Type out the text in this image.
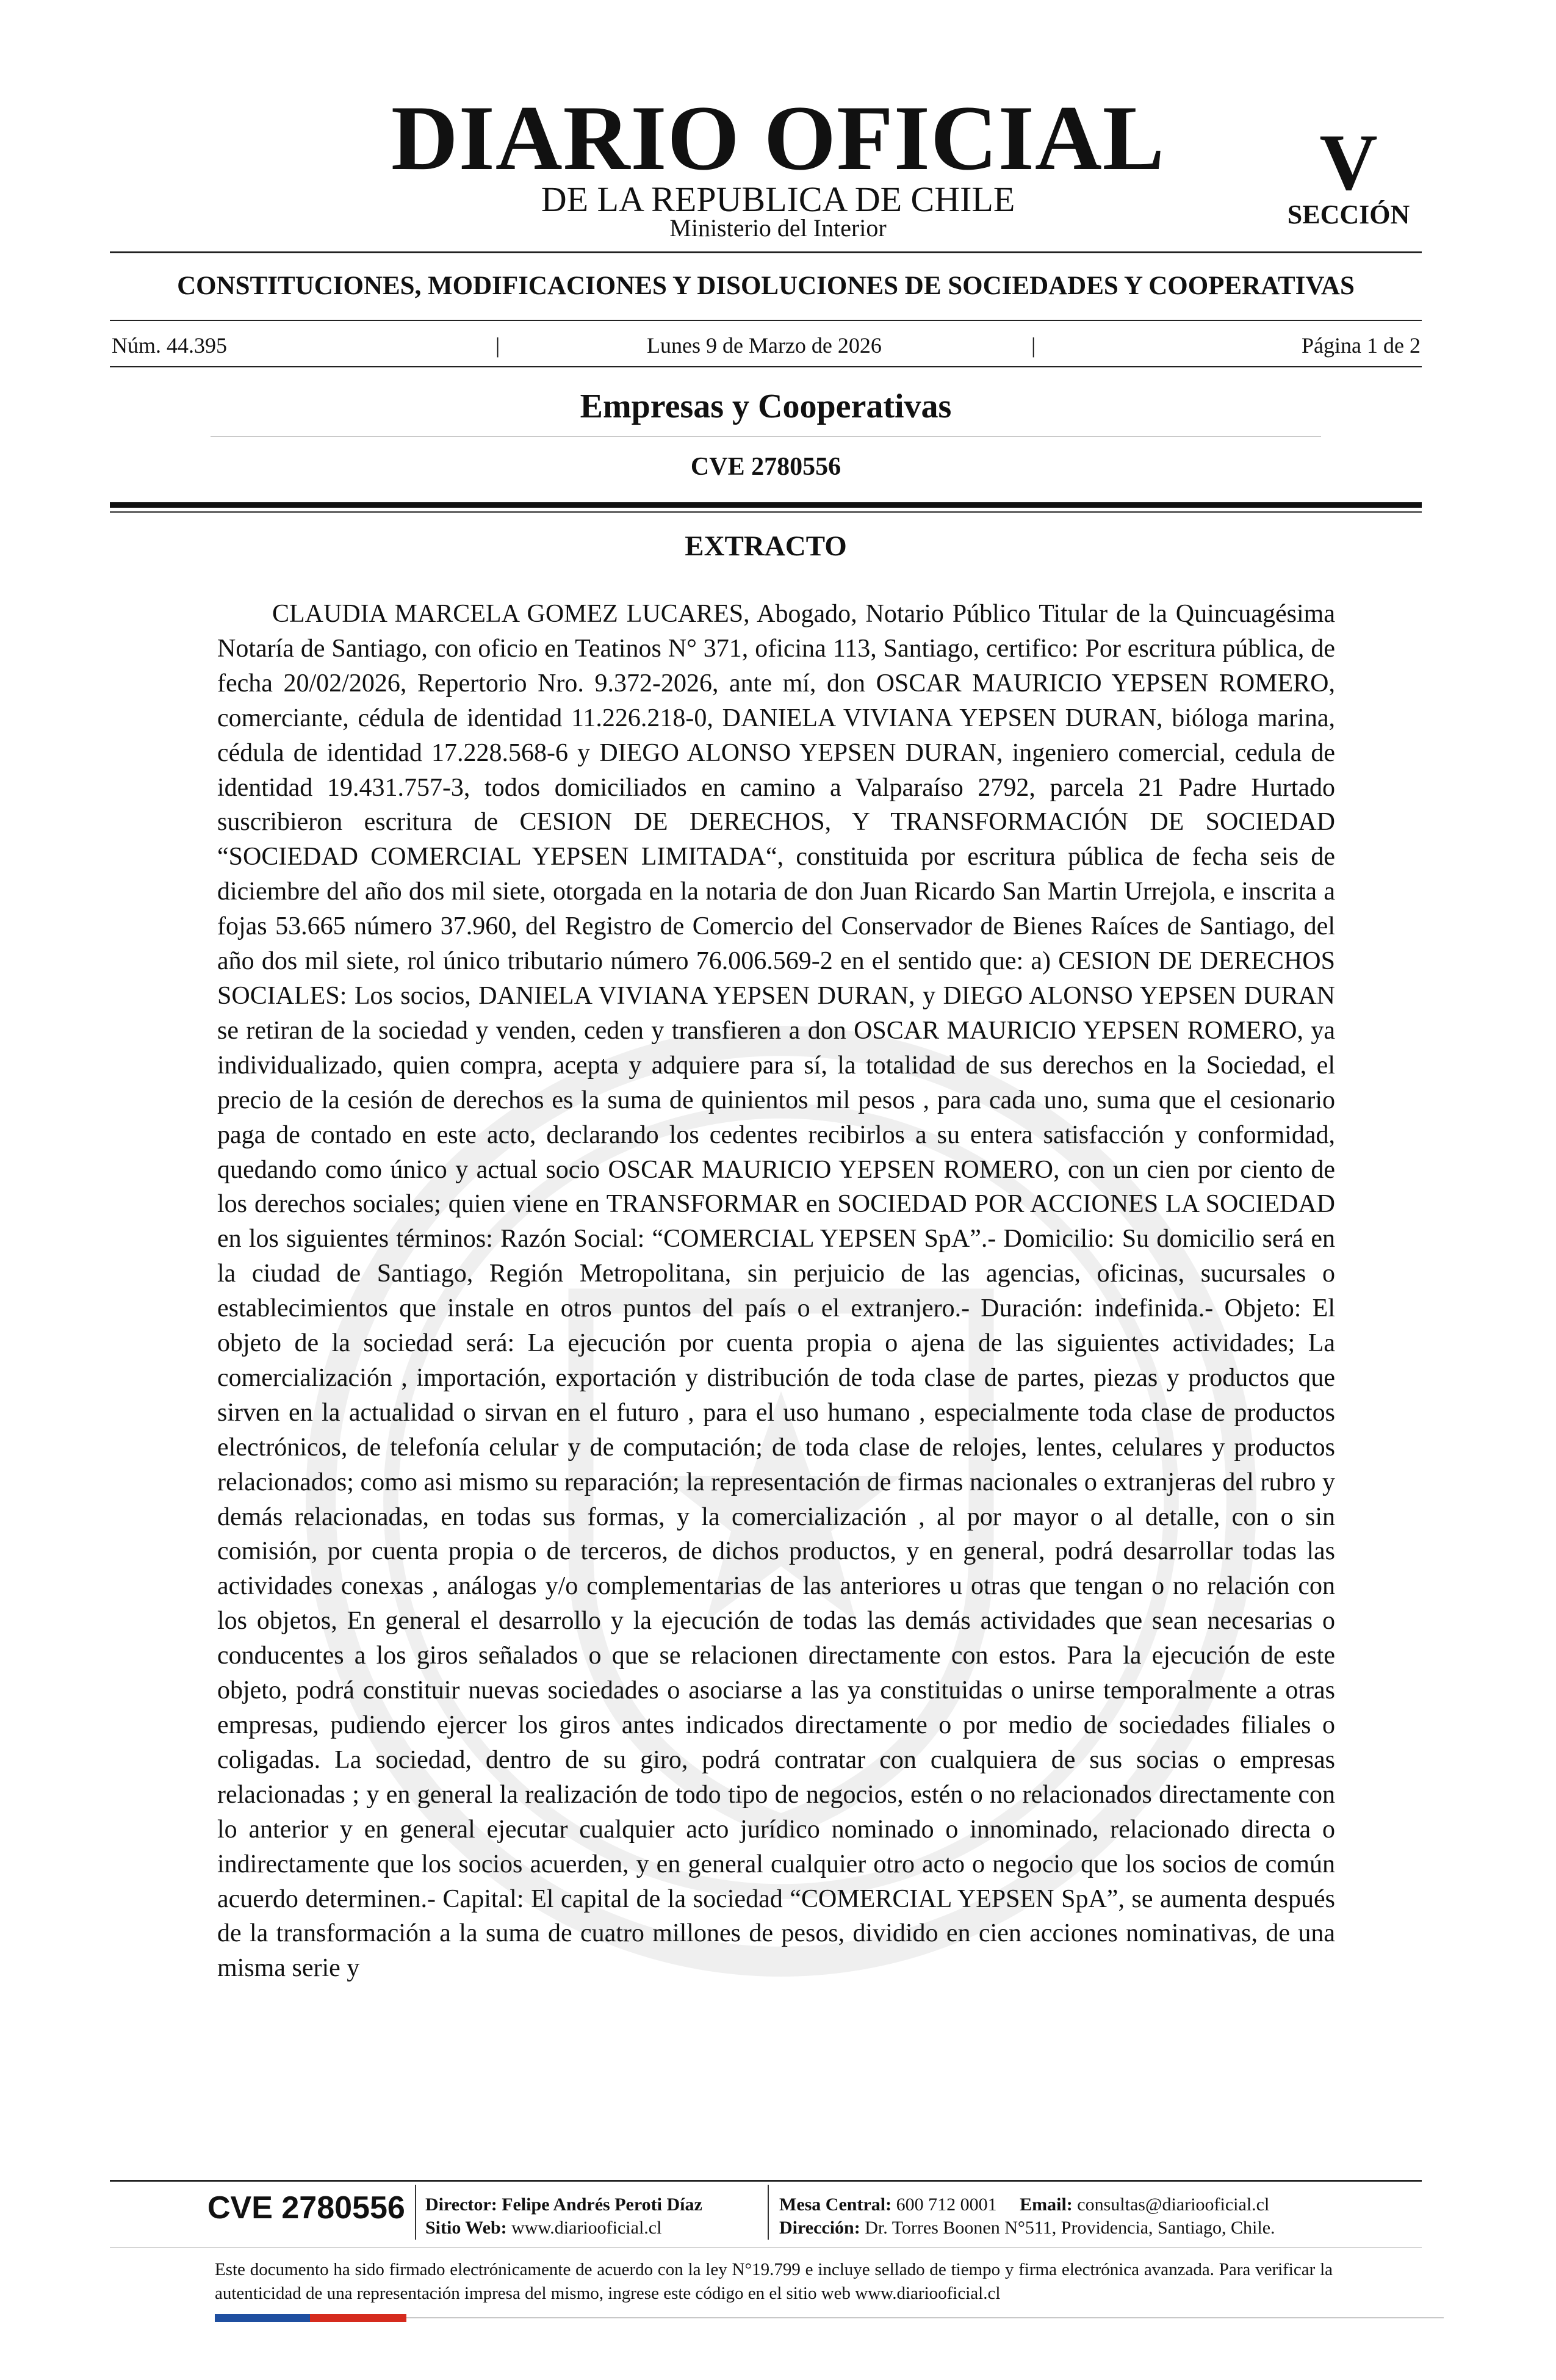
DIARIO OFICIAL
DE LA REPUBLICA DE CHILE
Ministerio del Interior
V
SECCIÓN
CONSTITUCIONES, MODIFICACIONES Y DISOLUCIONES DE SOCIEDADES Y COOPERATIVAS
Núm. 44.395	|	Lunes 9 de Marzo de 2026	|	Página 1 de 2
Empresas y Cooperativas
CVE 2780556
EXTRACTO
CLAUDIA MARCELA GOMEZ LUCARES, Abogado, Notario Público Titular de la Quincuagésima Notaría de Santiago, con oficio en Teatinos N° 371, oficina 113, Santiago, certifico: Por escritura pública, de fecha 20/02/2026, Repertorio Nro. 9.372-2026, ante mí, don OSCAR MAURICIO YEPSEN ROMERO, comerciante, cédula de identidad 11.226.218-0, DANIELA VIVIANA YEPSEN DURAN, bióloga marina, cédula de identidad 17.228.568-6 y DIEGO ALONSO YEPSEN DURAN, ingeniero comercial, cedula de identidad 19.431.757-3, todos domiciliados en camino a Valparaíso 2792, parcela 21 Padre Hurtado suscribieron escritura de CESION DE DERECHOS, Y TRANSFORMACIÓN DE SOCIEDAD “SOCIEDAD COMERCIAL YEPSEN LIMITADA“, constituida por escritura pública de fecha seis de diciembre del año dos mil siete, otorgada en la notaria de don Juan Ricardo San Martin Urrejola, e inscrita a fojas 53.665 número 37.960, del Registro de Comercio del Conservador de Bienes Raíces de Santiago, del año dos mil siete, rol único tributario número 76.006.569-2 en el sentido que: a) CESION DE DERECHOS SOCIALES: Los socios, DANIELA VIVIANA YEPSEN DURAN, y DIEGO ALONSO YEPSEN DURAN se retiran de la sociedad y venden, ceden y transfieren a don OSCAR MAURICIO YEPSEN ROMERO, ya individualizado, quien compra, acepta y adquiere para sí, la totalidad de sus derechos en la Sociedad, el precio de la cesión de derechos es la suma de quinientos mil pesos , para cada uno, suma que el cesionario paga de contado en este acto, declarando los cedentes recibirlos a su entera satisfacción y conformidad, quedando como único y actual socio OSCAR MAURICIO YEPSEN ROMERO, con un cien por ciento de los derechos sociales; quien viene en TRANSFORMAR en SOCIEDAD POR ACCIONES LA SOCIEDAD en los siguientes términos: Razón Social: “COMERCIAL YEPSEN SpA”.- Domicilio: Su domicilio será en la ciudad de Santiago, Región Metropolitana, sin perjuicio de las agencias, oficinas, sucursales o establecimientos que instale en otros puntos del país o el extranjero.- Duración: indefinida.- Objeto: El objeto de la sociedad será: La ejecución por cuenta propia o ajena de las siguientes actividades; La comercialización , importación, exportación y distribución de toda clase de partes, piezas y productos que sirven en la actualidad o sirvan en el futuro , para el uso humano , especialmente toda clase de productos electrónicos, de telefonía celular y de computación; de toda clase de relojes, lentes, celulares y productos relacionados; como asi mismo su reparación; la representación de firmas nacionales o extranjeras del rubro y demás relacionadas, en todas sus formas, y la comercialización , al por mayor o al detalle, con o sin comisión, por cuenta propia o de terceros, de dichos productos, y en general, podrá desarrollar todas las actividades conexas , análogas y/o complementarias de las anteriores u otras que tengan o no relación con los objetos, En general el desarrollo y la ejecución de todas las demás actividades que sean necesarias o conducentes a los giros señalados o que se relacionen directamente con estos. Para la ejecución de este objeto, podrá constituir nuevas sociedades o asociarse a las ya constituidas o unirse temporalmente a otras empresas, pudiendo ejercer los giros antes indicados directamente o por medio de sociedades filiales o coligadas. La sociedad, dentro de su giro, podrá contratar con cualquiera de sus socias o empresas relacionadas ; y en general la realización de todo tipo de negocios, estén o no relacionados directamente con lo anterior y en general ejecutar cualquier acto jurídico nominado o innominado, relacionado directa o indirectamente que los socios acuerden, y en general cualquier otro acto o negocio que los socios de común acuerdo determinen.- Capital: El capital de la sociedad “COMERCIAL YEPSEN SpA”, se aumenta después de la transformación a la suma de cuatro millones de pesos, dividido en cien acciones nominativas, de una misma serie y
CVE 2780556 Director: Felipe Andrés Peroti Díaz
Sitio Web: www.diariooficial.cl
Mesa Central: 600 712 0001 Email: consultas@diariooficial.cl
Dirección: Dr. Torres Boonen N°511, Providencia, Santiago, Chile.
Este documento ha sido firmado electrónicamente de acuerdo con la ley N°19.799 e incluye sellado de tiempo y firma electrónica avanzada. Para verificar la autenticidad de una representación impresa del mismo, ingrese este código en el sitio web www.diariooficial.cl
